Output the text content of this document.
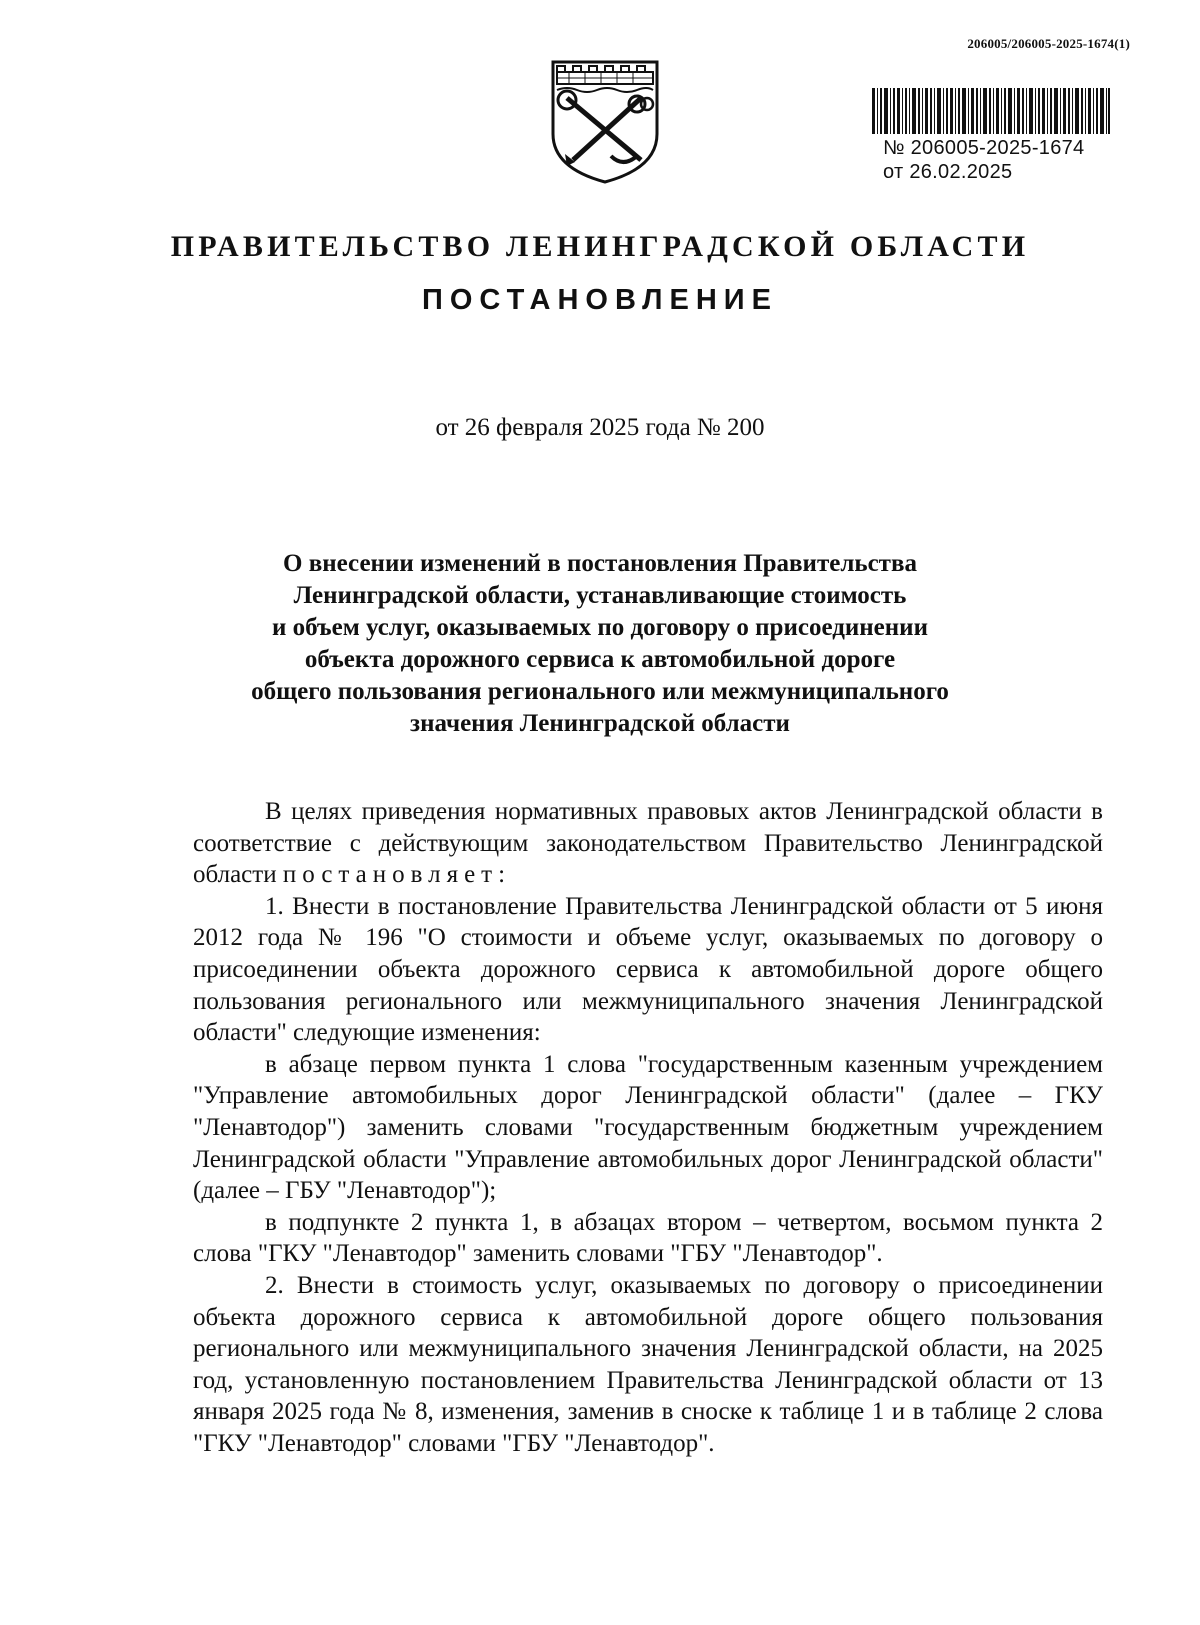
206005/206005-2025-1674(1)
№ 206005-2025-1674
от 26.02.2025
ПРАВИТЕЛЬСТВО ЛЕНИНГРАДСКОЙ ОБЛАСТИ
ПОСТАНОВЛЕНИЕ

от 26 февраля 2025 года № 200

О внесении изменений в постановления Правительства
Ленинградской области, устанавливающие стоимость
и объем услуг, оказываемых по договору о присоединении
объекта дорожного сервиса к автомобильной дороге
общего пользования регионального или межмуниципального
значения Ленинградской области

В целях приведения нормативных правовых актов Ленинградской области в соответствие с действующим законодательством Правительство Ленинградской области постановляет:

1. Внести в постановление Правительства Ленинградской области от 5 июня 2012 года № 196 "О стоимости и объеме услуг, оказываемых по договору о присоединении объекта дорожного сервиса к автомобильной дороге общего пользования регионального или межмуниципального значения Ленинградской области" следующие изменения:

в абзаце первом пункта 1 слова "государственным казенным учреждением "Управление автомобильных дорог Ленинградской области" (далее – ГКУ "Ленавтодор") заменить словами "государственным бюджетным учреждением Ленинградской области "Управление автомобильных дорог Ленинградской области" (далее – ГБУ "Ленавтодор");

в подпункте 2 пункта 1, в абзацах втором – четвертом, восьмом пункта 2 слова "ГКУ "Ленавтодор" заменить словами "ГБУ "Ленавтодор".

2. Внести в стоимость услуг, оказываемых по договору о присоединении объекта дорожного сервиса к автомобильной дороге общего пользования регионального или межмуниципального значения Ленинградской области, на 2025 год, установленную постановлением Правительства Ленинградской области от 13 января 2025 года № 8, изменения, заменив в сноске к таблице 1 и в таблице 2 слова "ГКУ "Ленавтодор" словами "ГБУ "Ленавтодор".
